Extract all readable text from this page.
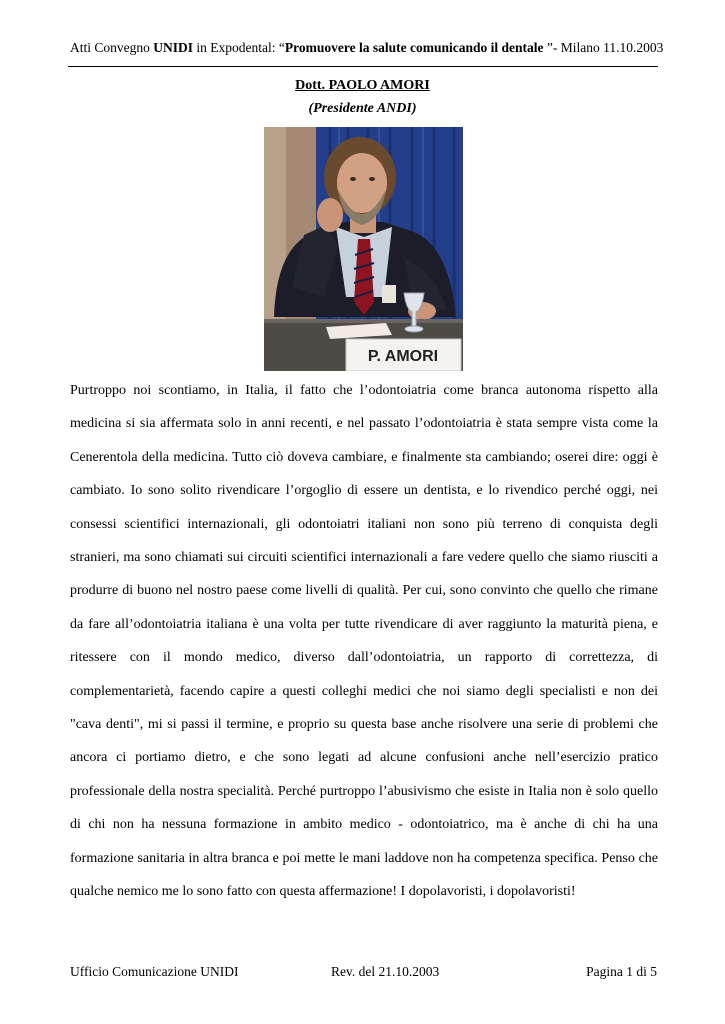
Atti Convegno UNIDI in Expodental: “Promuovere la salute comunicando il dentale ”- Milano 11.10.2003
Dott. PAOLO AMORI
(Presidente ANDI)
P. AMORI
Purtroppo noi scontiamo, in Italia, il fatto che l’odontoiatria come branca autonoma rispetto alla medicina si sia affermata solo in anni recenti, e nel passato l’odontoiatria è stata sempre vista come la Cenerentola della medicina. Tutto ciò doveva cambiare, e finalmente sta cambiando; oserei dire: oggi è cambiato. Io sono solito rivendicare l’orgoglio di essere un dentista, e lo rivendico perché oggi, nei consessi scientifici internazionali, gli odontoiatri italiani non sono più terreno di conquista degli stranieri, ma sono chiamati sui circuiti scientifici internazionali a fare vedere quello che siamo riusciti a produrre di buono nel nostro paese come livelli di qualità. Per cui, sono convinto che quello che rimane da fare all’odontoiatria italiana è una volta per tutte rivendicare di aver raggiunto la maturità piena, e ritessere con il mondo medico, diverso dall’odontoiatria, un rapporto di correttezza, di complementarietà, facendo capire a questi colleghi medici che noi siamo degli specialisti e non dei "cava denti", mi si passi il termine, e proprio su questa base anche risolvere una serie di problemi che ancora ci portiamo dietro, e che sono legati ad alcune confusioni anche nell’esercizio pratico professionale della nostra specialità. Perché purtroppo l’abusivismo che esiste in Italia non è solo quello di chi non ha nessuna formazione in ambito medico - odontoiatrico, ma è anche di chi ha una formazione sanitaria in altra branca e poi mette le mani laddove non ha competenza specifica. Penso che qualche nemico me lo sono fatto con questa affermazione! I dopolavoristi, i dopolavoristi!
Ufficio Comunicazione UNIDI	Rev. del 21.10.2003	Pagina 1 di 5
